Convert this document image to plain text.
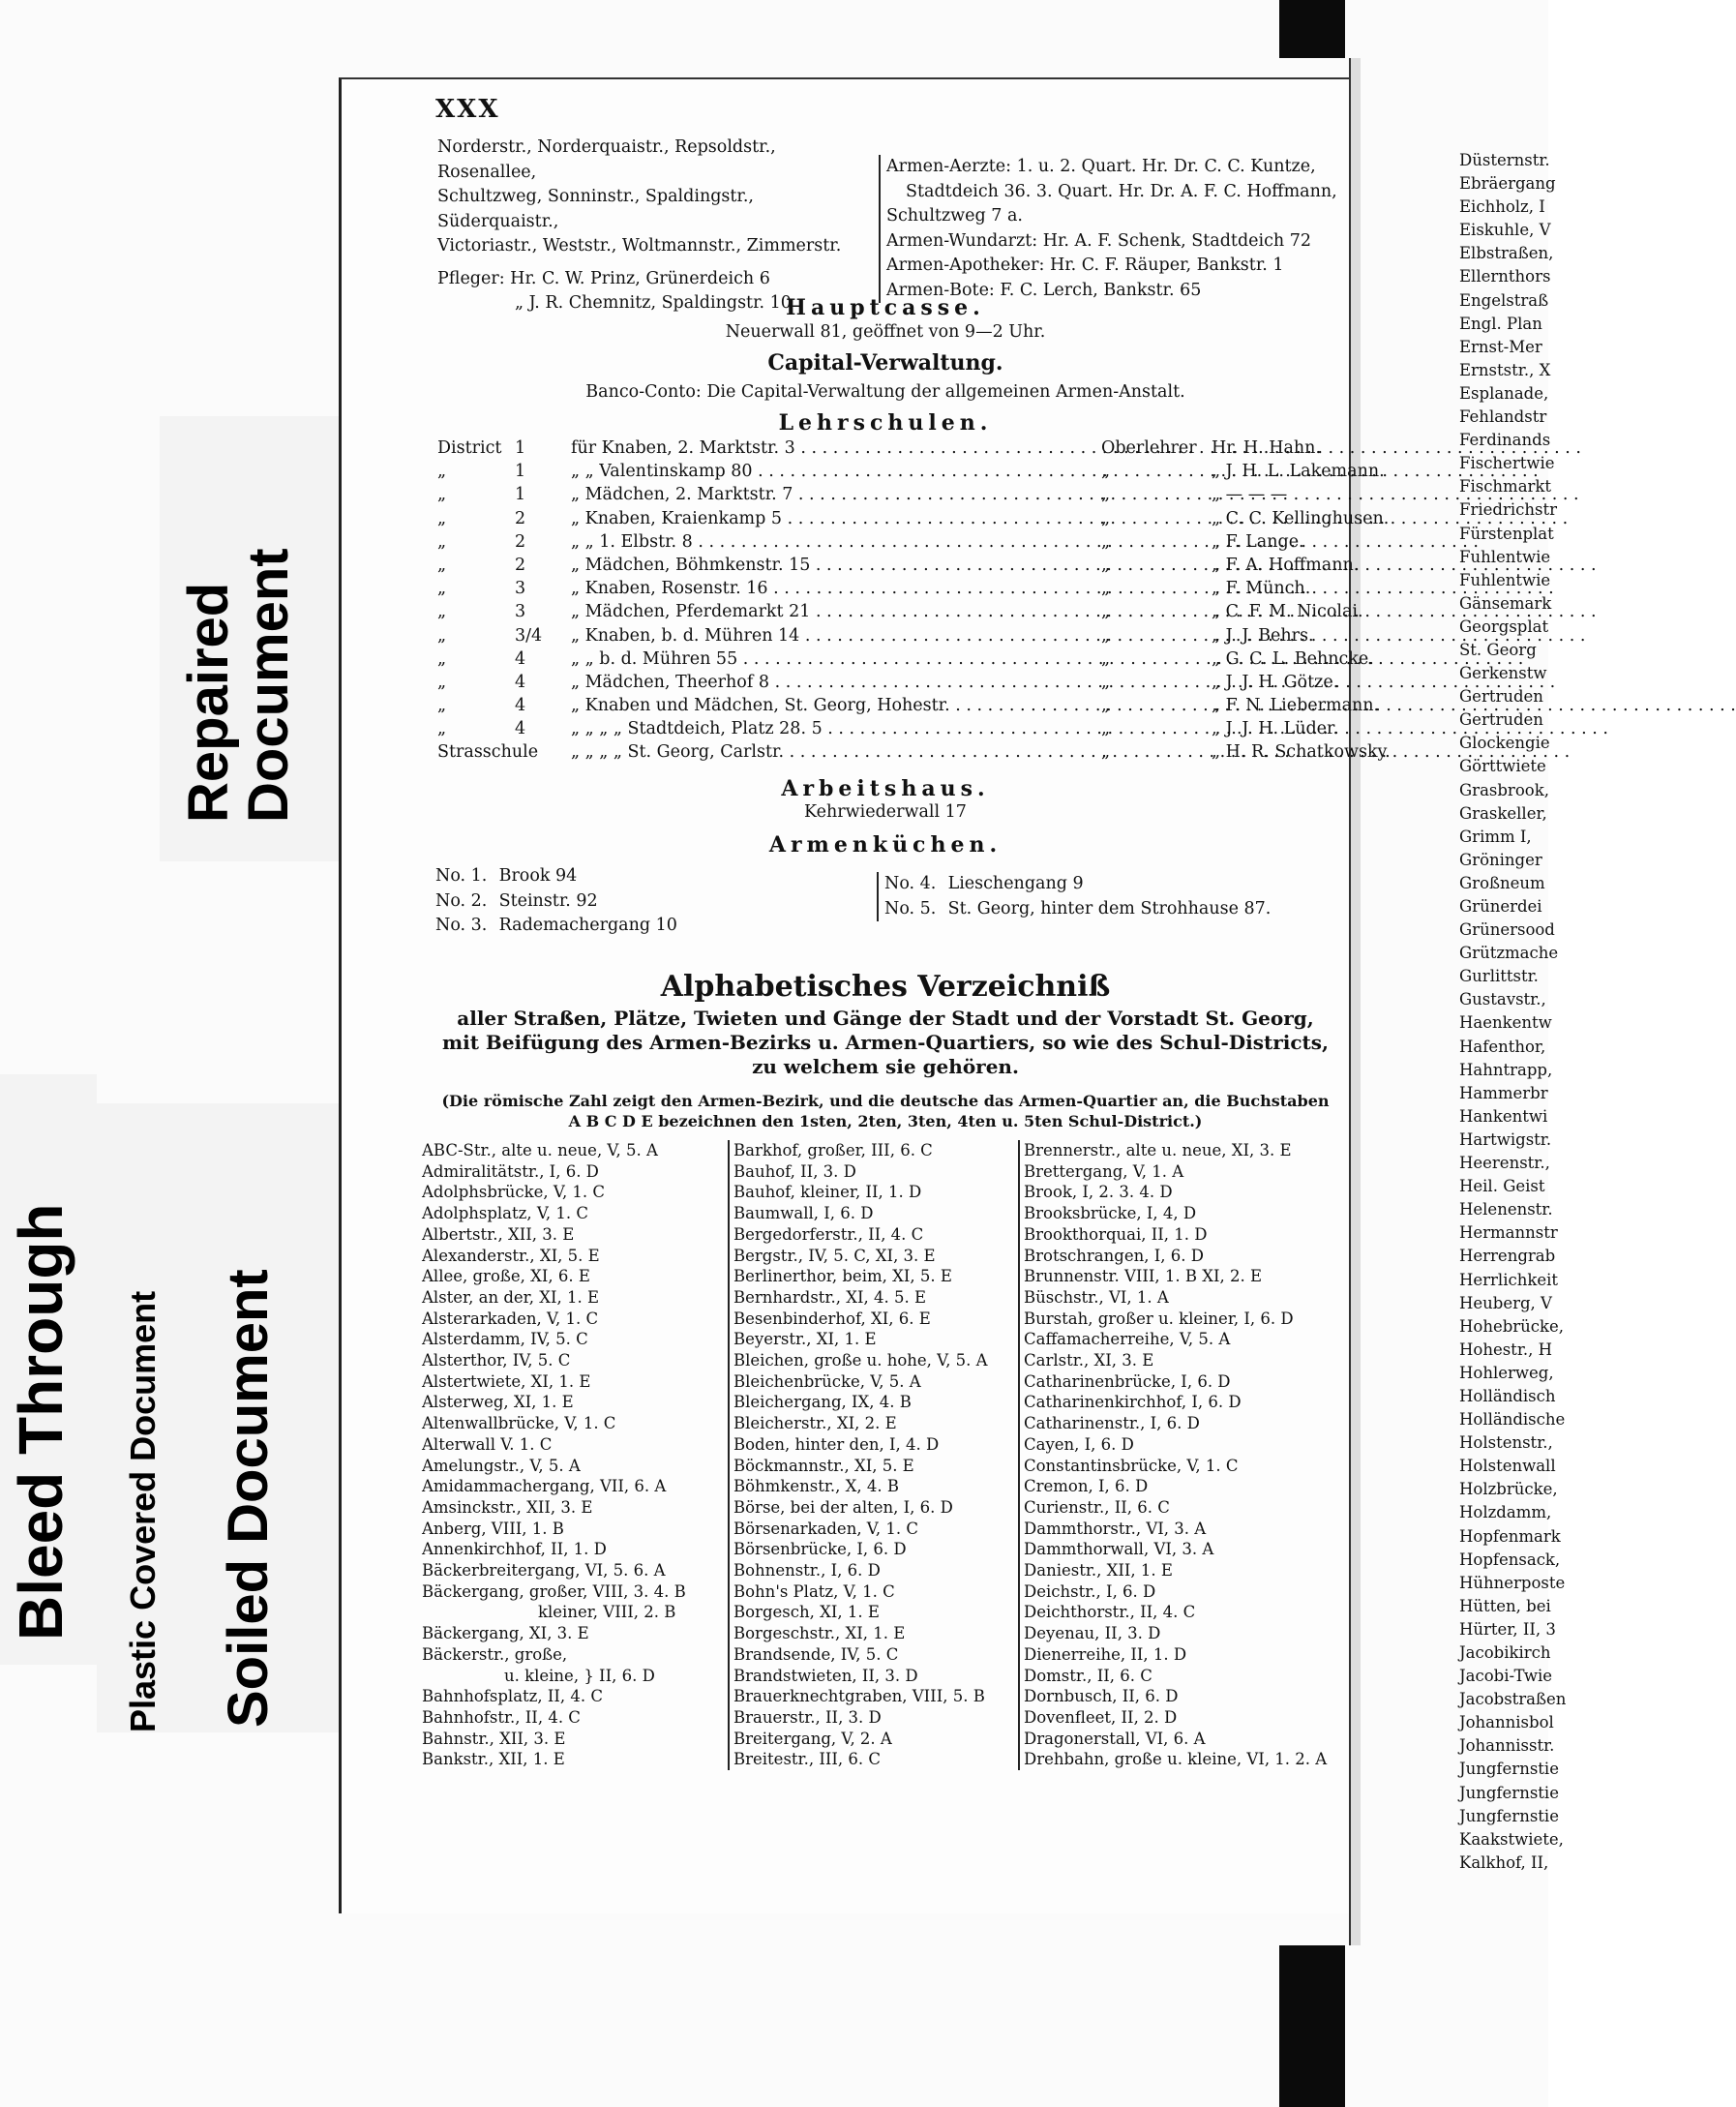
Repaired Document
Bleed Through Plastic Covered Document Soiled Document
XXX
Norderstr., Norderquaistr., Repsoldstr., Rosenallee,
Schultzweg, Sonninstr., Spaldingstr., Süderquaistr.,
Victoriastr., Weststr., Woltmannstr., Zimmerstr.
Pfleger: Hr. C. W. Prinz, Grünerdeich 6
„ J. R. Chemnitz, Spaldingstr. 10
Armen-Aerzte: 1. u. 2. Quart. Hr. Dr. C. C. Kuntze,
Stadtdeich 36. 3. Quart. Hr. Dr. A. F. C. Hoffmann,
Schultzweg 7 a.
Armen-Wundarzt: Hr. A. F. Schenk, Stadtdeich 72
Armen-Apotheker: Hr. C. F. Räuper, Bankstr. 1
Armen-Bote: F. C. Lerch, Bankstr. 65
Hauptcasse.
Neuerwall 81, geöffnet von 9—2 Uhr.
Capital-Verwaltung.
Banco-Conto: Die Capital-Verwaltung der allgemeinen Armen-Anstalt.
Lehrschulen.
District 1	für Knaben, 2. Marktstr. 3 . . .	Oberlehrer Hr. H. Hahn.
„	1	„ „ Valentinskamp 80 . . .	„	„ J. H. L. Lakemann.
„	1	„ Mädchen, 2. Marktstr. 7 . . .	„	„ — — —
„	2	„ Knaben, Kraienkamp 5 . . .	„	„ C. C. Kellinghusen.
„	2	„ „ 1. Elbstr. 8 . . .	„	„ F. Lange.
„	2	„ Mädchen, Böhmkenstr. 15 . . .	„	„ F. A. Hoffmann.
„	3	„ Knaben, Rosenstr. 16 . . .	„	„ F. Münch.
„	3	„ Mädchen, Pferdemarkt 21 . . .	„	„ C. F. M. Nicolai.
„	3/4 „ Knaben, b. d. Mühren 14 . . .	„	„ J. J. Behrs.
„	4	„ „ b. d. Mühren 55 . . .	„	„ G. C. L. Behncke.
„	4	„ Mädchen, Theerhof 8 . . .	„	„ J. J. H. Götze.
„	4	„ Knaben und Mädchen, St. Georg, Hohestr. . . .	„	„ F. N. Liebermann.
„	4	„ „ „ „ Stadtdeich, Platz 28. 5 . . .	„	„ J. J. H. Lüder.
Strasschule „ „ „ „ St. Georg, Carlstr. . . .	„	„ H. R. Schatkowsky.
Arbeitshaus.
Kehrwiederwall 17
Armenküchen.
No. 1. Brook 94
No. 2. Steinstr. 92
No. 3. Rademachergang 10
No. 4. Lieschengang 9
No. 5. St. Georg, hinter dem Strohhause 87.
Alphabetisches Verzeichniß
aller Straßen, Plätze, Twieten und Gänge der Stadt und der Vorstadt St. Georg,
mit Beifügung des Armen-Bezirks u. Armen-Quartiers, so wie des Schul-Districts,
zu welchem sie gehören.
(Die römische Zahl zeigt den Armen-Bezirk, und die deutsche das Armen-Quartier an, die Buchstaben
A B C D E bezeichnen den 1sten, 2ten, 3ten, 4ten u. 5ten Schul-District.)
ABC-Str., alte u. neue, V, 5. A
Admiralitätstr., I, 6. D
Adolphsbrücke, V, 1. C
Adolphsplatz, V, 1. C
Albertstr., XII, 3. E
Alexanderstr., XI, 5. E
Allee, große, XI, 6. E
Alster, an der, XI, 1. E
Alsterarkaden, V, 1. C
Alsterdamm, IV, 5. C
Alsterthor, IV, 5. C
Alstertwiete, XI, 1. E
Alsterweg, XI, 1. E
Altenwallbrücke, V, 1. C
Alterwall V. 1. C
Amelungstr., V, 5. A
Amidammachergang, VII, 6. A
Amsinckstr., XII, 3. E
Anberg, VIII, 1. B
Annenkirchhof, II, 1. D
Bäckerbreitergang, VI, 5. 6. A
Bäckergang, großer, VIII, 3. 4. B
kleiner, VIII, 2. B
Bäckergang, XI, 3. E
Bäckerstr., große,
u. kleine, } II, 6. D
Bahnhofsplatz, II, 4. C
Bahnhofstr., II, 4. C
Bahnstr., XII, 3. E
Bankstr., XII, 1. E
Barkhof, großer, III, 6. C
Bauhof, II, 3. D
Bauhof, kleiner, II, 1. D
Baumwall, I, 6. D
Bergedorferstr., II, 4. C
Bergstr., IV, 5. C, XI, 3. E
Berlinerthor, beim, XI, 5. E
Bernhardstr., XI, 4. 5. E
Besenbinderhof, XI, 6. E
Beyerstr., XI, 1. E
Bleichen, große u. hohe, V, 5. A
Bleichenbrücke, V, 5. A
Bleichergang, IX, 4. B
Bleicherstr., XI, 2. E
Boden, hinter den, I, 4. D
Böckmannstr., XI, 5. E
Böhmkenstr., X, 4. B
Börse, bei der alten, I, 6. D
Börsenarkaden, V, 1. C
Börsenbrücke, I, 6. D
Bohnenstr., I, 6. D
Bohn's Platz, V, 1. C
Borgesch, XI, 1. E
Borgeschstr., XI, 1. E
Brandsende, IV, 5. C
Brandstwieten, II, 3. D
Brauerknechtgraben, VIII, 5. B
Brauerstr., II, 3. D
Breitergang, V, 2. A
Breitestr., III, 6. C
Brennerstr., alte u. neue, XI, 3. E
Brettergang, V, 1. A
Brook, I, 2. 3. 4. D
Brooksbrücke, I, 4, D
Brookthorquai, II, 1. D
Brotschrangen, I, 6. D
Brunnenstr. VIII, 1. B XI, 2. E
Büschstr., VI, 1. A
Burstah, großer u. kleiner, I, 6. D
Caffamacherreihe, V, 5. A
Carlstr., XI, 3. E
Catharinenbrücke, I, 6. D
Catharinenkirchhof, I, 6. D
Catharinenstr., I, 6. D
Cayen, I, 6. D
Constantinsbrücke, V, 1. C
Cremon, I, 6. D
Curienstr., II, 6. C
Dammthorstr., VI, 3. A
Dammthorwall, VI, 3. A
Daniestr., XII, 1. E
Deichstr., I, 6. D
Deichthorstr., II, 4. C
Deyenau, II, 3. D
Dienerreihe, II, 1. D
Domstr., II, 6. C
Dornbusch, II, 6. D
Dovenfleet, II, 2. D
Dragonerstall, VI, 6. A
Drehbahn, große u. kleine, VI, 1. 2. A
Düsternstr.
Ebräergang
Eichholz, I
Eiskuhle, V
Elbstraßen,
Ellernthors
Engelstraß
Engl. Plan
Ernst-Mer
Ernststr., X
Esplanade,
Fehlandstr
Ferdinands
Fischertwie
Fischmarkt
Friedrichstr
Fürstenplat
Fuhlentwie
Fuhlentwie
Gänsemark
Georgsplat
St. Georg
Gerkenstw
Gertruden
Gertruden
Glockengie
Görttwiete
Grasbrook,
Graskeller,
Grimm I,
Gröninger
Großneum
Grünerdei
Grünersood
Grützmache
Gurlittstr.
Gustavstr.,
Haenkentw
Hafenthor,
Hahntrapp,
Hammerbr
Hankentwi
Hartwigstr.
Heerenstr.,
Heil. Geist
Helenenstr.
Hermannstr
Herrengrab
Herrlichkeit
Heuberg, V
Hohebrücke,
Hohestr., H
Hohlerweg,
Holländisch
Holländische
Holstenstr.,
Holstenwall
Holzbrücke,
Holzdamm,
Hopfenmark
Hopfensack,
Hühnerposte
Hütten, bei
Hürter, II, 3
Jacobikirch
Jacobi-Twie
Jacobstraßen
Johannisbol
Johannisstr.
Jungfernstie
Jungfernstie
Jungfernstie
Kaakstwiete,
Kalkhof, II,
